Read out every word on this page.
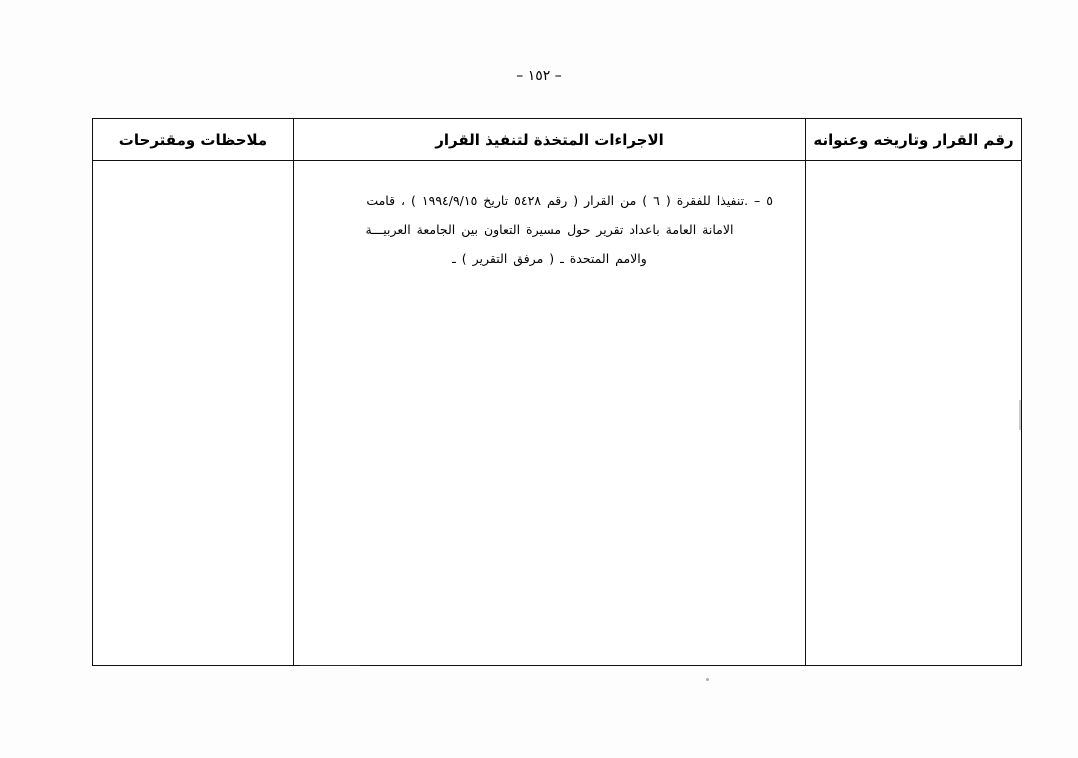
– ١٥٢ –
رقم القرار وتاريخه وعنوانه
الاجراءات المتخذة لتنفيذ القرار
ملاحظات ومقترحات
٥ – .تنفيذا للفقرة ( ٦ ) من القرار ( رقم ٥٤٢٨ تاريخ ١٩٩٤/٩/١٥ ) ، قامت
الامانة العامة باعداد تقرير حول مسيرة التعاون بين الجامعة العربيـــة
والامم المتحدة ـ ( مرفق التقرير ) ـ
